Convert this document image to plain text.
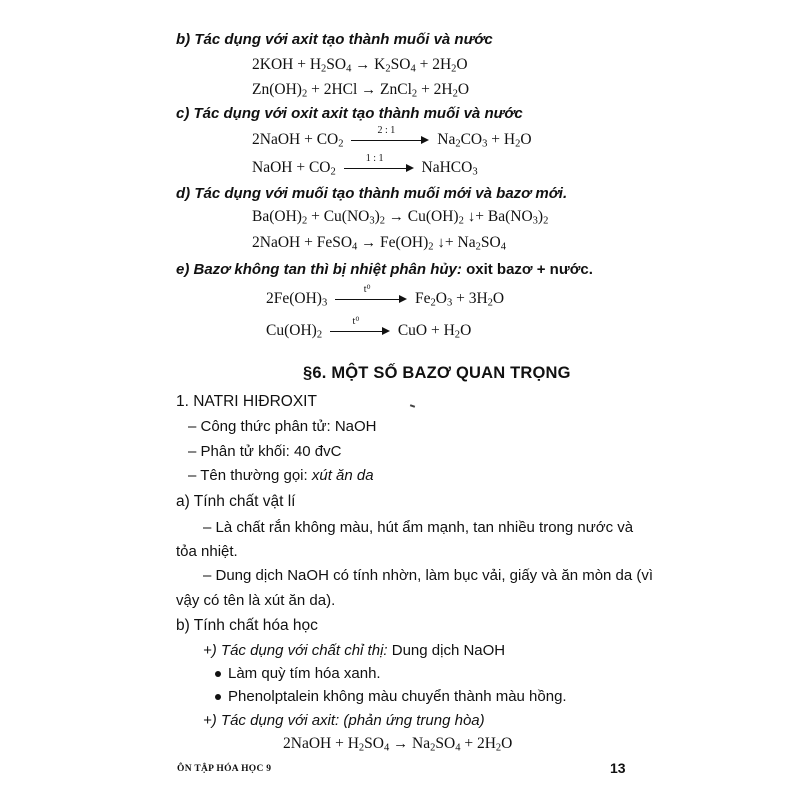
b) Tác dụng với axit tạo thành muối và nước
$2KOH + H_2SO_4 \to K_2SO_4 + 2H_2O$
$Zn(OH)_2 + 2HCl$ → ZnCl$_2$ + $2H_2O$
c) Tác dụng với oxit axit tạo thành muối và nước
2NaOH + $CO_2$
2 : 1
$Na_2CO_3 + H_2O$
NaOH + $CO_2$
1 : 1
NaHCO$_3$
d) Tác dụng với muối tạo thành muối mới và bazơ mới.
$Ba(OH)_2 + Cu(NO_3)_2 \to Cu(OH)_2$ ↓+ $Ba(NO_3)_2$
2NaOH + FeSO$_4$ → $Fe(OH)_2$ ↓+ $Na_2SO_4$
e) Bazơ không tan thì bị nhiệt phân hủy: oxit bazơ + nước.
$2Fe(OH)_3$
t⁰
$Fe_2O_3 + 3H_2O$
$Cu(OH)_2$
t⁰
CuO + $H_2O$
§6. MỘT SỐ BAZƠ QUAN TRỌNG
1. NATRI HIĐROXIT
– Công thức phân tử: NaOH
– Phân tử khối: 40 đvC
– Tên thường gọi: xút ăn da
a) Tính chất vật lí
– Là chất rắn không màu, hút ẩm mạnh, tan nhiều trong nước và
tỏa nhiệt.
– Dung dịch NaOH có tính nhờn, làm bục vải, giấy và ăn mòn da (vì
vậy có tên là xút ăn da).
b) Tính chất hóa học
+) Tác dụng với chất chỉ thị: Dung dịch NaOH
Làm quỳ tím hóa xanh.
Phenolptalein không màu chuyển thành màu hồng.
+) Tác dụng với axit: (phản ứng trung hòa)
2NaOH + $H_2SO_4 \to Na_2SO_4 + 2H_2O$
ÔN TẬP HÓA HỌC 9	13
